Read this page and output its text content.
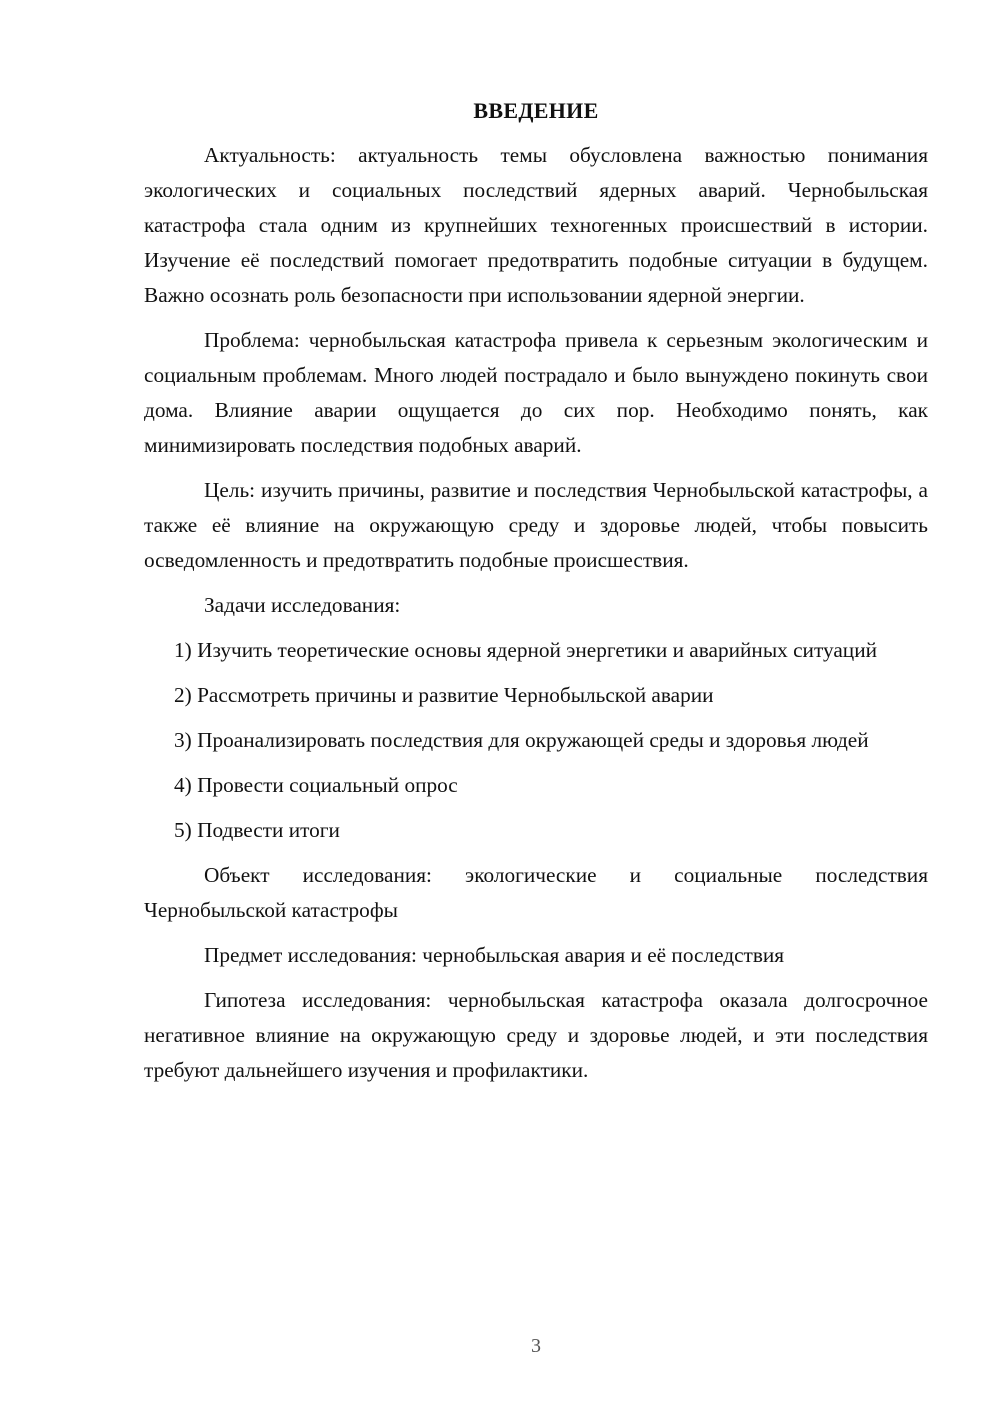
ВВЕДЕНИЕ

Актуальность: актуальность темы обусловлена важностью понимания экологических и социальных последствий ядерных аварий. Чернобыльская катастрофа стала одним из крупнейших техногенных происшествий в истории. Изучение её последствий помогает предотвратить подобные ситуации в будущем. Важно осознать роль безопасности при использовании ядерной энергии.

Проблема: чернобыльская катастрофа привела к серьезным экологическим и социальным проблемам. Много людей пострадало и было вынуждено покинуть свои дома. Влияние аварии ощущается до сих пор. Необходимо понять, как минимизировать последствия подобных аварий.

Цель: изучить причины, развитие и последствия Чернобыльской катастрофы, а также её влияние на окружающую среду и здоровье людей, чтобы повысить осведомленность и предотвратить подобные происшествия.

Задачи исследования:

1) Изучить теоретические основы ядерной энергетики и аварийных ситуаций

2) Рассмотреть причины и развитие Чернобыльской аварии

3) Проанализировать последствия для окружающей среды и здоровья людей

4) Провести социальный опрос

5) Подвести итоги

Объект исследования: экологические и социальные последствия Чернобыльской катастрофы

Предмет исследования: чернобыльская авария и её последствия

Гипотеза исследования: чернобыльская катастрофа оказала долгосрочное негативное влияние на окружающую среду и здоровье людей, и эти последствия требуют дальнейшего изучения и профилактики.

3
